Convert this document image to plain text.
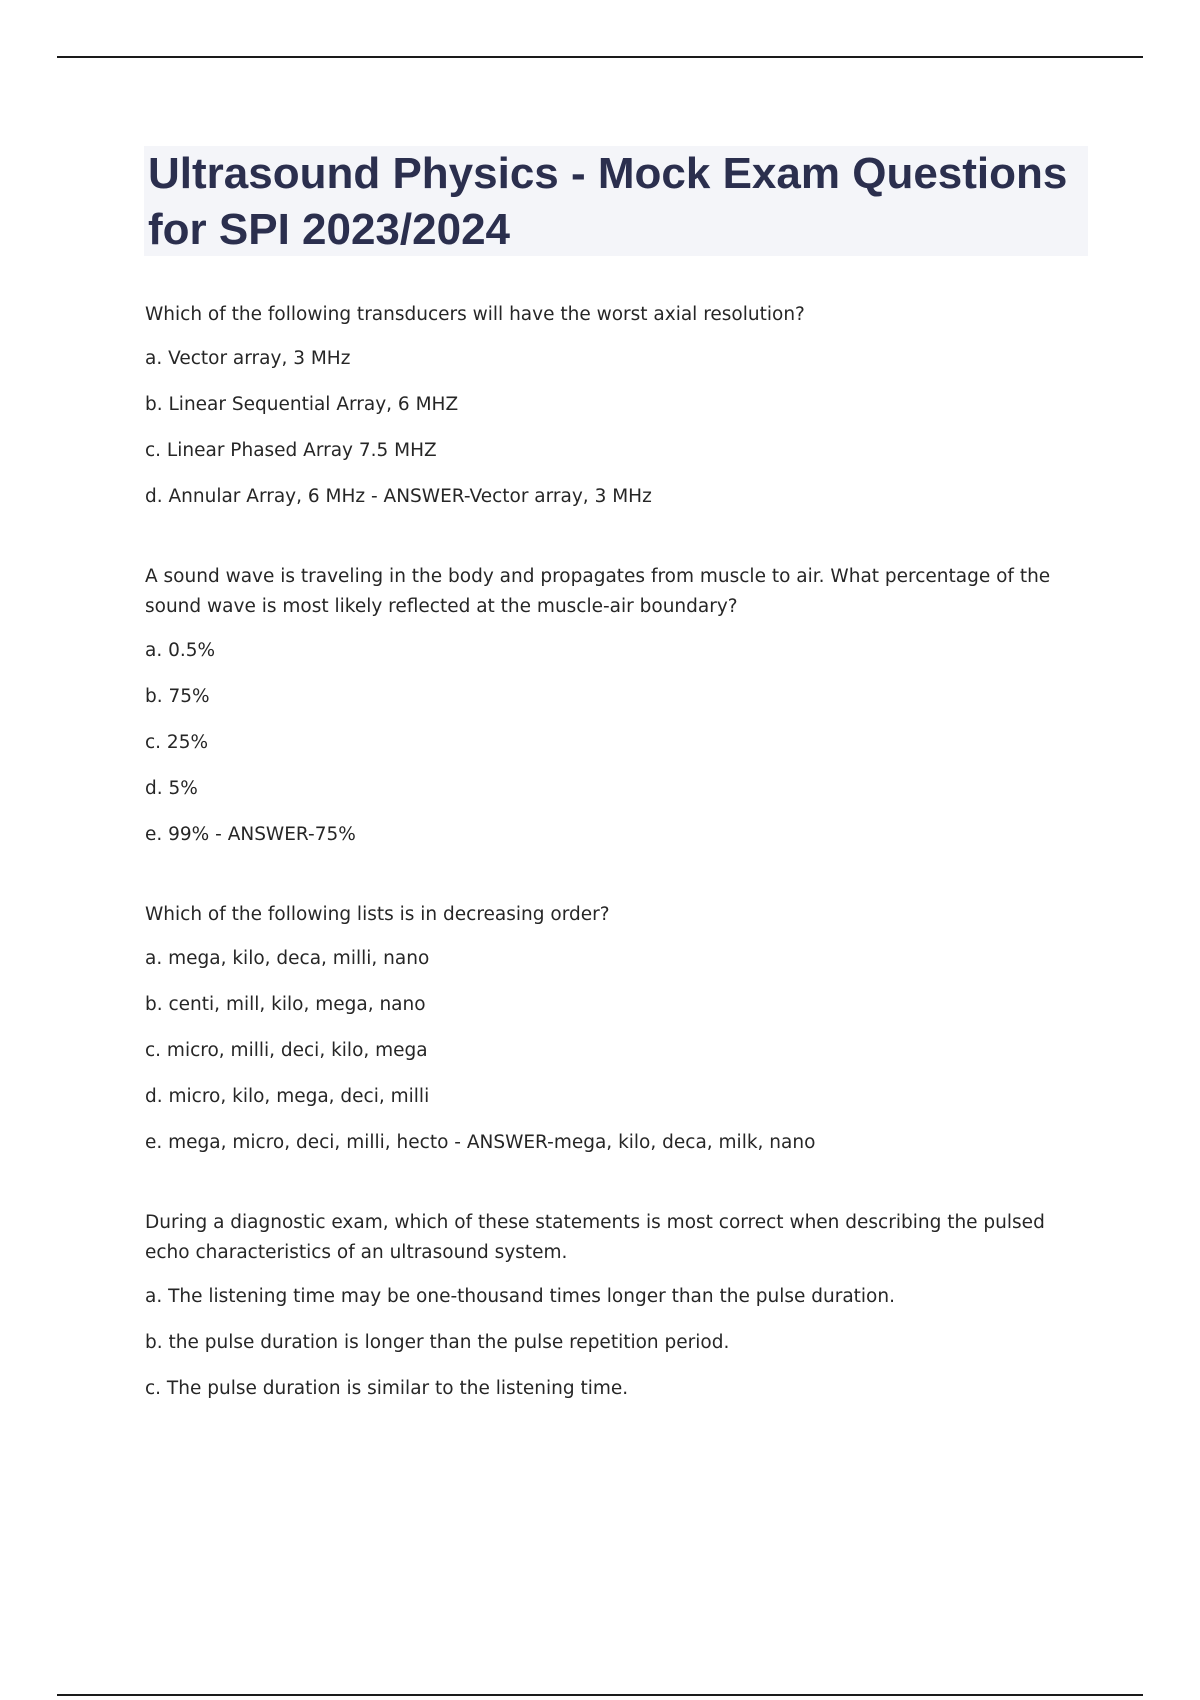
Ultrasound Physics - Mock Exam Questions for SPI 2023/2024

Which of the following transducers will have the worst axial resolution?

a. Vector array, 3 MHz

b. Linear Sequential Array, 6 MHZ

c. Linear Phased Array 7.5 MHZ

d. Annular Array, 6 MHz - ANSWER-Vector array, 3 MHz

A sound wave is traveling in the body and propagates from muscle to air. What percentage of the sound wave is most likely reflected at the muscle-air boundary?

a. 0.5%

b. 75%

c. 25%

d. 5%

e. 99% - ANSWER-75%

Which of the following lists is in decreasing order?

a. mega, kilo, deca, milli, nano

b. centi, mill, kilo, mega, nano

c. micro, milli, deci, kilo, mega

d. micro, kilo, mega, deci, milli

e. mega, micro, deci, milli, hecto - ANSWER-mega, kilo, deca, milk, nano

During a diagnostic exam, which of these statements is most correct when describing the pulsed echo characteristics of an ultrasound system.

a. The listening time may be one-thousand times longer than the pulse duration.

b. the pulse duration is longer than the pulse repetition period.

c. The pulse duration is similar to the listening time.
